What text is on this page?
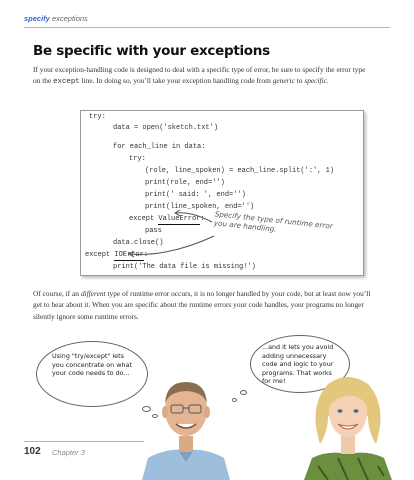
specify exceptions
Be specific with your exceptions

If your exception-handling code is designed to deal with a specific type of error, be sure to specify the error type on the except line. In doing so, you’ll take your exception handling code from generic to specific.

try:
data = open('sketch.txt')
for each_line in data:
try:
(role, line_spoken) = each_line.split(':', 1)
print(role, end='')
print(' said: ', end='')
print(line_spoken, end='')
except ValueError:
pass
data.close()
except IOError:
print('The data file is missing!')
Specify the type of runtime error you are handling.

Of course, if an different type of runtime error occurs, it is no longer handled by your code, but at least now you’ll get to hear about it. When you are specific about the runtime errors your code handles, your programs no longer silently ignore some runtime errors.

Using "try/except" lets you concentrate on what your code needs to do...
...and it lets you avoid adding unnecessary code and logic to your programs. That works for me!
102 Chapter 3
